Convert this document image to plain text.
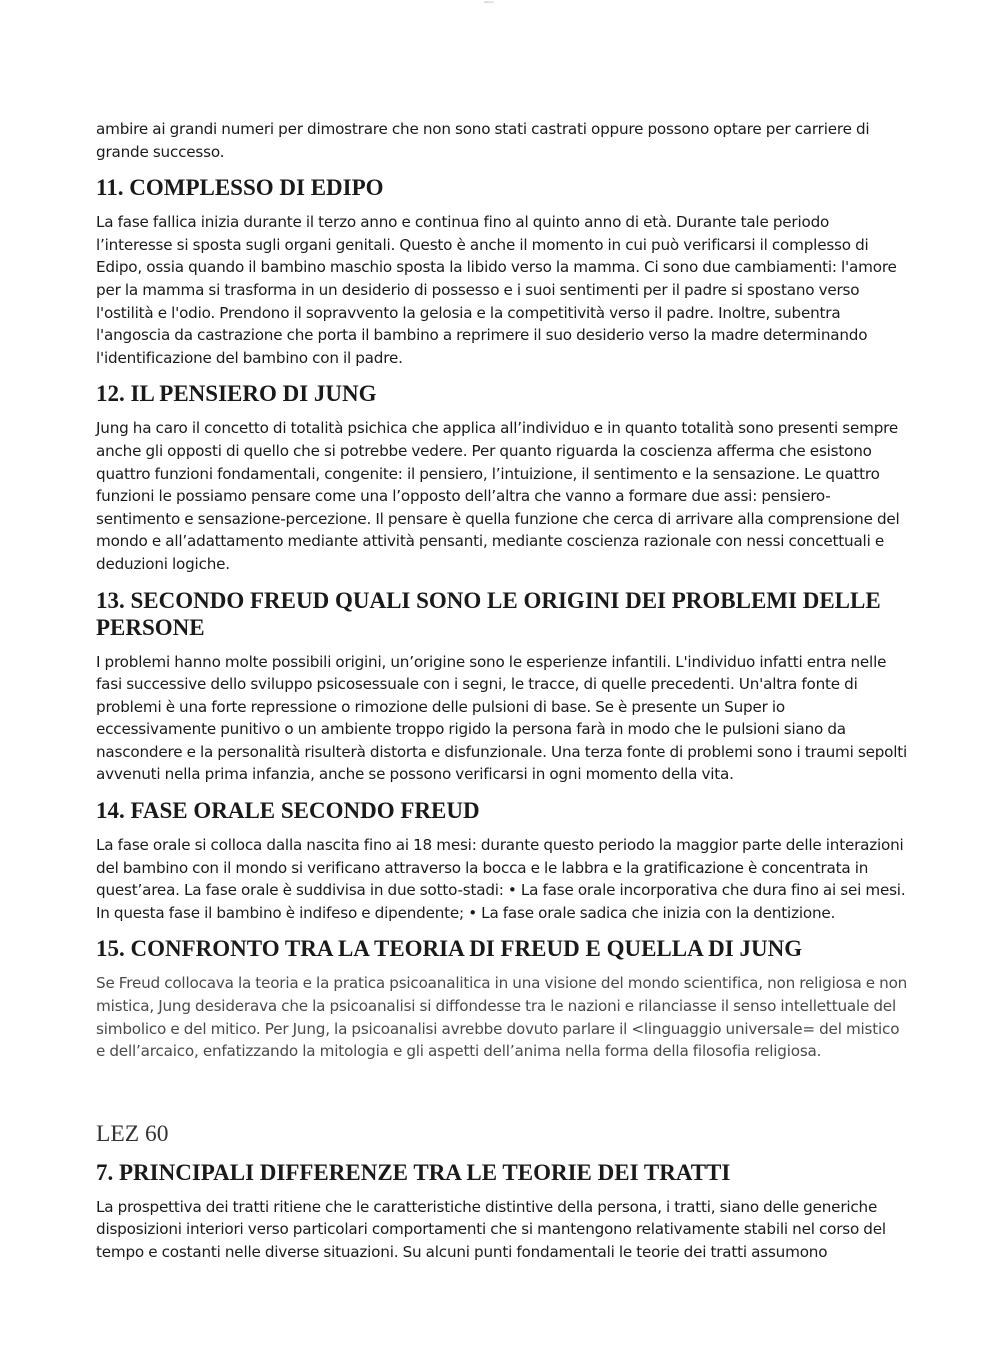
lezioni

ambire ai grandi numeri per dimostrare che non sono stati castrati oppure possono optare per carriere di grande successo.

11. COMPLESSO DI EDIPO

La fase fallica inizia durante il terzo anno e continua fino al quinto anno di età. Durante tale periodo l’interesse si sposta sugli organi genitali. Questo è anche il momento in cui può verificarsi il complesso di Edipo, ossia quando il bambino maschio sposta la libido verso la mamma. Ci sono due cambiamenti: l'amore per la mamma si trasforma in un desiderio di possesso e i suoi sentimenti per il padre si spostano verso l'ostilità e l'odio. Prendono il sopravvento la gelosia e la competitività verso il padre. Inoltre, subentra l'angoscia da castrazione che porta il bambino a reprimere il suo desiderio verso la madre determinando l'identificazione del bambino con il padre.

12. IL PENSIERO DI JUNG

Jung ha caro il concetto di totalità psichica che applica all’individuo e in quanto totalità sono presenti sempre anche gli opposti di quello che si potrebbe vedere. Per quanto riguarda la coscienza afferma che esistono quattro funzioni fondamentali, congenite: il pensiero, l’intuizione, il sentimento e la sensazione. Le quattro funzioni le possiamo pensare come una l’opposto dell’altra che vanno a formare due assi: pensiero-sentimento e sensazione-percezione. Il pensare è quella funzione che cerca di arrivare alla comprensione del mondo e all’adattamento mediante attività pensanti, mediante coscienza razionale con nessi concettuali e deduzioni logiche.

13. SECONDO FREUD QUALI SONO LE ORIGINI DEI PROBLEMI DELLE PERSONE

I problemi hanno molte possibili origini, un’origine sono le esperienze infantili. L'individuo infatti entra nelle fasi successive dello sviluppo psicosessuale con i segni, le tracce, di quelle precedenti. Un'altra fonte di problemi è una forte repressione o rimozione delle pulsioni di base. Se è presente un Super io eccessivamente punitivo o un ambiente troppo rigido la persona farà in modo che le pulsioni siano da nascondere e la personalità risulterà distorta e disfunzionale. Una terza fonte di problemi sono i traumi sepolti avvenuti nella prima infanzia, anche se possono verificarsi in ogni momento della vita.

14. FASE ORALE SECONDO FREUD

La fase orale si colloca dalla nascita fino ai 18 mesi: durante questo periodo la maggior parte delle interazioni del bambino con il mondo si verificano attraverso la bocca e le labbra e la gratificazione è concentrata in quest’area. La fase orale è suddivisa in due sotto-stadi: • La fase orale incorporativa che dura fino ai sei mesi. In questa fase il bambino è indifeso e dipendente; • La fase orale sadica che inizia con la dentizione.

15. CONFRONTO TRA LA TEORIA DI FREUD E QUELLA DI JUNG

Se Freud collocava la teoria e la pratica psicoanalitica in una visione del mondo scientifica, non religiosa e non mistica, Jung desiderava che la psicoanalisi si diffondesse tra le nazioni e rilanciasse il senso intellettuale del simbolico e del mitico. Per Jung, la psicoanalisi avrebbe dovuto parlare il <linguaggio universale= del mistico e dell’arcaico, enfatizzando la mitologia e gli aspetti dell’anima nella forma della filosofia religiosa.

LEZ 60
7. PRINCIPALI DIFFERENZE TRA LE TEORIE DEI TRATTI

La prospettiva dei tratti ritiene che le caratteristiche distintive della persona, i tratti, siano delle generiche disposizioni interiori verso particolari comportamenti che si mantengono relativamente stabili nel corso del tempo e costanti nelle diverse situazioni. Su alcuni punti fondamentali le teorie dei tratti assumono
